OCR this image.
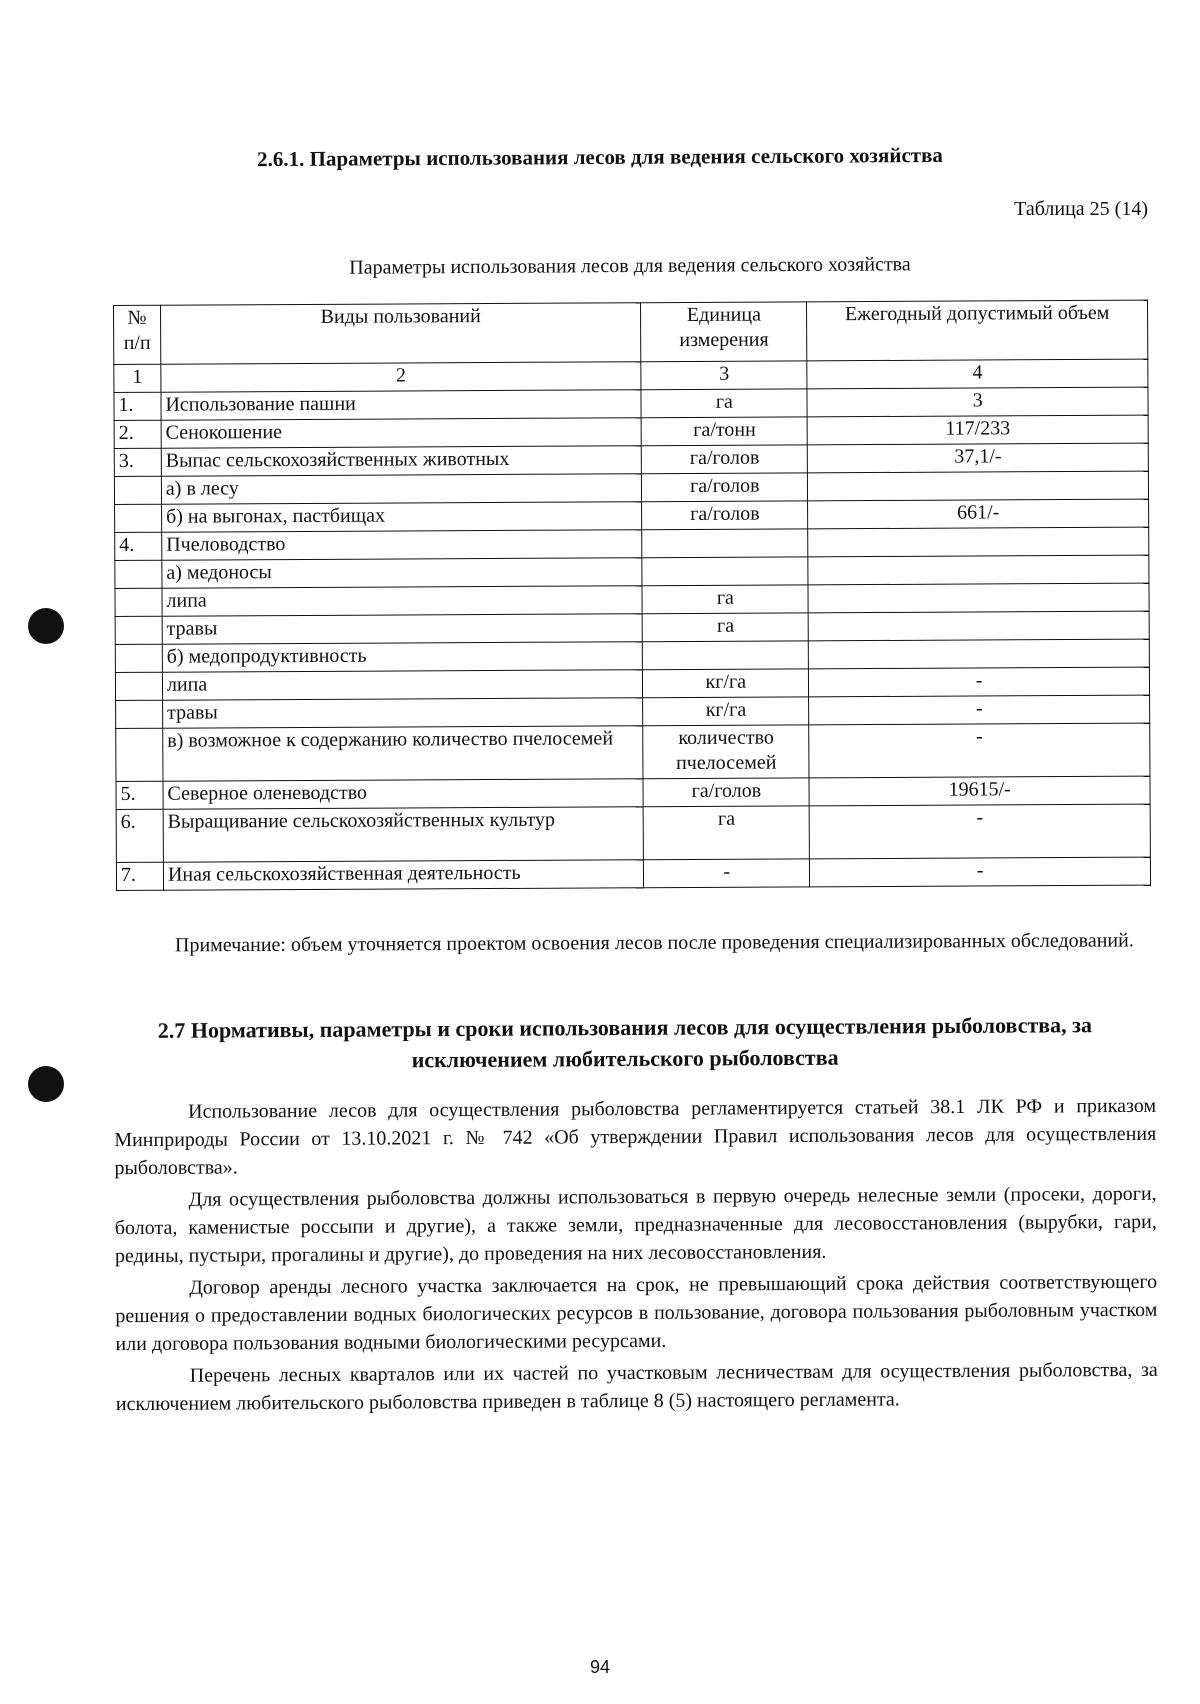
2.6.1. Параметры использования лесов для ведения сельского хозяйства
Таблица 25 (14)
Параметры использования лесов для ведения сельского хозяйства
№ п/п	Виды пользований	Единица измерения	Ежегодный допустимый объем
1	2	3	4
1.	Использование пашни	га	3
2.	Сенокошение	га/тонн	117/233
3.	Выпас сельскохозяйственных животных	га/голов	37,1/-
	а) в лесу	га/голов	
	б) на выгонах, пастбищах	га/голов	661/-
4.	Пчеловодство		
	а) медоносы		
	липа	га	
	травы	га	
	б) медопродуктивность		
	липа	кг/га	-
	травы	кг/га	-
	в) возможное к содержанию количество пчелосемей	количество пчелосемей	-
5.	Северное оленеводство	га/голов	19615/-
6.	Выращивание сельскохозяйственных культур	га	-
7.	Иная сельскохозяйственная деятельность	-	-
Примечание: объем уточняется проектом освоения лесов после проведения специализированных обследований.
2.7 Нормативы, параметры и сроки использования лесов для осуществления рыболовства, за исключением любительского рыболовства

Использование лесов для осуществления рыболовства регламентируется статьей 38.1 ЛК РФ и приказом Минприроды России от 13.10.2021 г. № 742 «Об утверждении Правил использования лесов для осуществления рыболовства».

Для осуществления рыболовства должны использоваться в первую очередь нелесные земли (просеки, дороги, болота, каменистые россыпи и другие), а также земли, предназначенные для лесовосстановления (вырубки, гари, редины, пустыри, прогалины и другие), до проведения на них лесовосстановления.

Договор аренды лесного участка заключается на срок, не превышающий срока действия соответствующего решения о предоставлении водных биологических ресурсов в пользование, договора пользования рыболовным участком или договора пользования водными биологическими ресурсами.

Перечень лесных кварталов или их частей по участковым лесничествам для осуществления рыболовства, за исключением любительского рыболовства приведен в таблице 8 (5) настоящего регламента.

94
